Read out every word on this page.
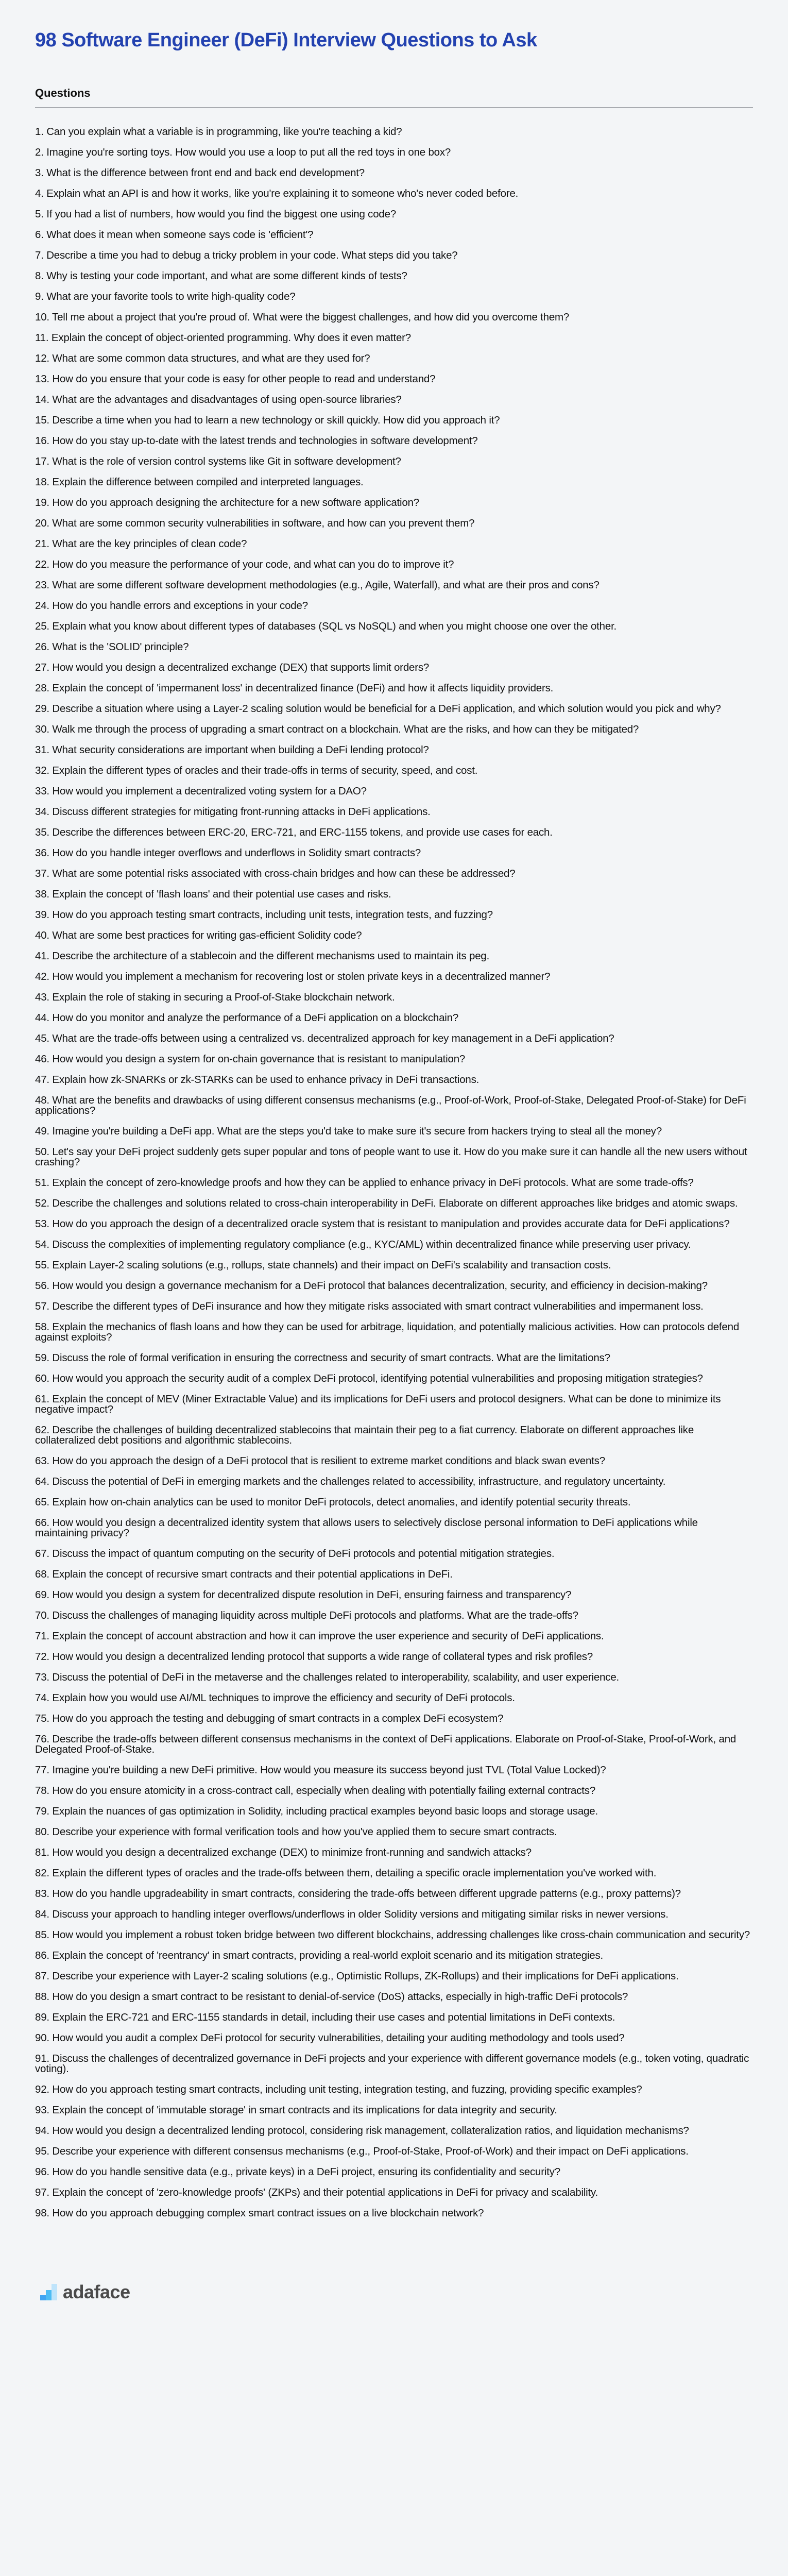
98 Software Engineer (DeFi) Interview Questions to Ask
Questions
1. Can you explain what a variable is in programming, like you're teaching a kid?
2. Imagine you're sorting toys. How would you use a loop to put all the red toys in one box?
3. What is the difference between front end and back end development?
4. Explain what an API is and how it works, like you're explaining it to someone who's never coded before.
5. If you had a list of numbers, how would you find the biggest one using code?
6. What does it mean when someone says code is 'efficient'?
7. Describe a time you had to debug a tricky problem in your code. What steps did you take?
8. Why is testing your code important, and what are some different kinds of tests?
9. What are your favorite tools to write high-quality code?
10. Tell me about a project that you're proud of. What were the biggest challenges, and how did you overcome them?
11. Explain the concept of object-oriented programming. Why does it even matter?
12. What are some common data structures, and what are they used for?
13. How do you ensure that your code is easy for other people to read and understand?
14. What are the advantages and disadvantages of using open-source libraries?
15. Describe a time when you had to learn a new technology or skill quickly. How did you approach it?
16. How do you stay up-to-date with the latest trends and technologies in software development?
17. What is the role of version control systems like Git in software development?
18. Explain the difference between compiled and interpreted languages.
19. How do you approach designing the architecture for a new software application?
20. What are some common security vulnerabilities in software, and how can you prevent them?
21. What are the key principles of clean code?
22. How do you measure the performance of your code, and what can you do to improve it?
23. What are some different software development methodologies (e.g., Agile, Waterfall), and what are their pros and cons?
24. How do you handle errors and exceptions in your code?
25. Explain what you know about different types of databases (SQL vs NoSQL) and when you might choose one over the other.
26. What is the 'SOLID' principle?
27. How would you design a decentralized exchange (DEX) that supports limit orders?
28. Explain the concept of 'impermanent loss' in decentralized finance (DeFi) and how it affects liquidity providers.
29. Describe a situation where using a Layer-2 scaling solution would be beneficial for a DeFi application, and which solution would you pick and why?
30. Walk me through the process of upgrading a smart contract on a blockchain. What are the risks, and how can they be mitigated?
31. What security considerations are important when building a DeFi lending protocol?
32. Explain the different types of oracles and their trade-offs in terms of security, speed, and cost.
33. How would you implement a decentralized voting system for a DAO?
34. Discuss different strategies for mitigating front-running attacks in DeFi applications.
35. Describe the differences between ERC-20, ERC-721, and ERC-1155 tokens, and provide use cases for each.
36. How do you handle integer overflows and underflows in Solidity smart contracts?
37. What are some potential risks associated with cross-chain bridges and how can these be addressed?
38. Explain the concept of 'flash loans' and their potential use cases and risks.
39. How do you approach testing smart contracts, including unit tests, integration tests, and fuzzing?
40. What are some best practices for writing gas-efficient Solidity code?
41. Describe the architecture of a stablecoin and the different mechanisms used to maintain its peg.
42. How would you implement a mechanism for recovering lost or stolen private keys in a decentralized manner?
43. Explain the role of staking in securing a Proof-of-Stake blockchain network.
44. How do you monitor and analyze the performance of a DeFi application on a blockchain?
45. What are the trade-offs between using a centralized vs. decentralized approach for key management in a DeFi application?
46. How would you design a system for on-chain governance that is resistant to manipulation?
47. Explain how zk-SNARKs or zk-STARKs can be used to enhance privacy in DeFi transactions.
48. What are the benefits and drawbacks of using different consensus mechanisms (e.g., Proof-of-Work, Proof-of-Stake, Delegated Proof-of-Stake) for DeFi applications?
49. Imagine you're building a DeFi app. What are the steps you'd take to make sure it's secure from hackers trying to steal all the money?
50. Let's say your DeFi project suddenly gets super popular and tons of people want to use it. How do you make sure it can handle all the new users without crashing?
51. Explain the concept of zero-knowledge proofs and how they can be applied to enhance privacy in DeFi protocols. What are some trade-offs?
52. Describe the challenges and solutions related to cross-chain interoperability in DeFi. Elaborate on different approaches like bridges and atomic swaps.
53. How do you approach the design of a decentralized oracle system that is resistant to manipulation and provides accurate data for DeFi applications?
54. Discuss the complexities of implementing regulatory compliance (e.g., KYC/AML) within decentralized finance while preserving user privacy.
55. Explain Layer-2 scaling solutions (e.g., rollups, state channels) and their impact on DeFi's scalability and transaction costs.
56. How would you design a governance mechanism for a DeFi protocol that balances decentralization, security, and efficiency in decision-making?
57. Describe the different types of DeFi insurance and how they mitigate risks associated with smart contract vulnerabilities and impermanent loss.
58. Explain the mechanics of flash loans and how they can be used for arbitrage, liquidation, and potentially malicious activities. How can protocols defend against exploits?
59. Discuss the role of formal verification in ensuring the correctness and security of smart contracts. What are the limitations?
60. How would you approach the security audit of a complex DeFi protocol, identifying potential vulnerabilities and proposing mitigation strategies?
61. Explain the concept of MEV (Miner Extractable Value) and its implications for DeFi users and protocol designers. What can be done to minimize its negative impact?
62. Describe the challenges of building decentralized stablecoins that maintain their peg to a fiat currency. Elaborate on different approaches like collateralized debt positions and algorithmic stablecoins.
63. How do you approach the design of a DeFi protocol that is resilient to extreme market conditions and black swan events?
64. Discuss the potential of DeFi in emerging markets and the challenges related to accessibility, infrastructure, and regulatory uncertainty.
65. Explain how on-chain analytics can be used to monitor DeFi protocols, detect anomalies, and identify potential security threats.
66. How would you design a decentralized identity system that allows users to selectively disclose personal information to DeFi applications while maintaining privacy?
67. Discuss the impact of quantum computing on the security of DeFi protocols and potential mitigation strategies.
68. Explain the concept of recursive smart contracts and their potential applications in DeFi.
69. How would you design a system for decentralized dispute resolution in DeFi, ensuring fairness and transparency?
70. Discuss the challenges of managing liquidity across multiple DeFi protocols and platforms. What are the trade-offs?
71. Explain the concept of account abstraction and how it can improve the user experience and security of DeFi applications.
72. How would you design a decentralized lending protocol that supports a wide range of collateral types and risk profiles?
73. Discuss the potential of DeFi in the metaverse and the challenges related to interoperability, scalability, and user experience.
74. Explain how you would use AI/ML techniques to improve the efficiency and security of DeFi protocols.
75. How do you approach the testing and debugging of smart contracts in a complex DeFi ecosystem?
76. Describe the trade-offs between different consensus mechanisms in the context of DeFi applications. Elaborate on Proof-of-Stake, Proof-of-Work, and Delegated Proof-of-Stake.
77. Imagine you're building a new DeFi primitive. How would you measure its success beyond just TVL (Total Value Locked)?
78. How do you ensure atomicity in a cross-contract call, especially when dealing with potentially failing external contracts?
79. Explain the nuances of gas optimization in Solidity, including practical examples beyond basic loops and storage usage.
80. Describe your experience with formal verification tools and how you've applied them to secure smart contracts.
81. How would you design a decentralized exchange (DEX) to minimize front-running and sandwich attacks?
82. Explain the different types of oracles and the trade-offs between them, detailing a specific oracle implementation you've worked with.
83. How do you handle upgradeability in smart contracts, considering the trade-offs between different upgrade patterns (e.g., proxy patterns)?
84. Discuss your approach to handling integer overflows/underflows in older Solidity versions and mitigating similar risks in newer versions.
85. How would you implement a robust token bridge between two different blockchains, addressing challenges like cross-chain communication and security?
86. Explain the concept of 'reentrancy' in smart contracts, providing a real-world exploit scenario and its mitigation strategies.
87. Describe your experience with Layer-2 scaling solutions (e.g., Optimistic Rollups, ZK-Rollups) and their implications for DeFi applications.
88. How do you design a smart contract to be resistant to denial-of-service (DoS) attacks, especially in high-traffic DeFi protocols?
89. Explain the ERC-721 and ERC-1155 standards in detail, including their use cases and potential limitations in DeFi contexts.
90. How would you audit a complex DeFi protocol for security vulnerabilities, detailing your auditing methodology and tools used?
91. Discuss the challenges of decentralized governance in DeFi projects and your experience with different governance models (e.g., token voting, quadratic voting).
92. How do you approach testing smart contracts, including unit testing, integration testing, and fuzzing, providing specific examples?
93. Explain the concept of 'immutable storage' in smart contracts and its implications for data integrity and security.
94. How would you design a decentralized lending protocol, considering risk management, collateralization ratios, and liquidation mechanisms?
95. Describe your experience with different consensus mechanisms (e.g., Proof-of-Stake, Proof-of-Work) and their impact on DeFi applications.
96. How do you handle sensitive data (e.g., private keys) in a DeFi project, ensuring its confidentiality and security?
97. Explain the concept of 'zero-knowledge proofs' (ZKPs) and their potential applications in DeFi for privacy and scalability.
98. How do you approach debugging complex smart contract issues on a live blockchain network?
adaface
